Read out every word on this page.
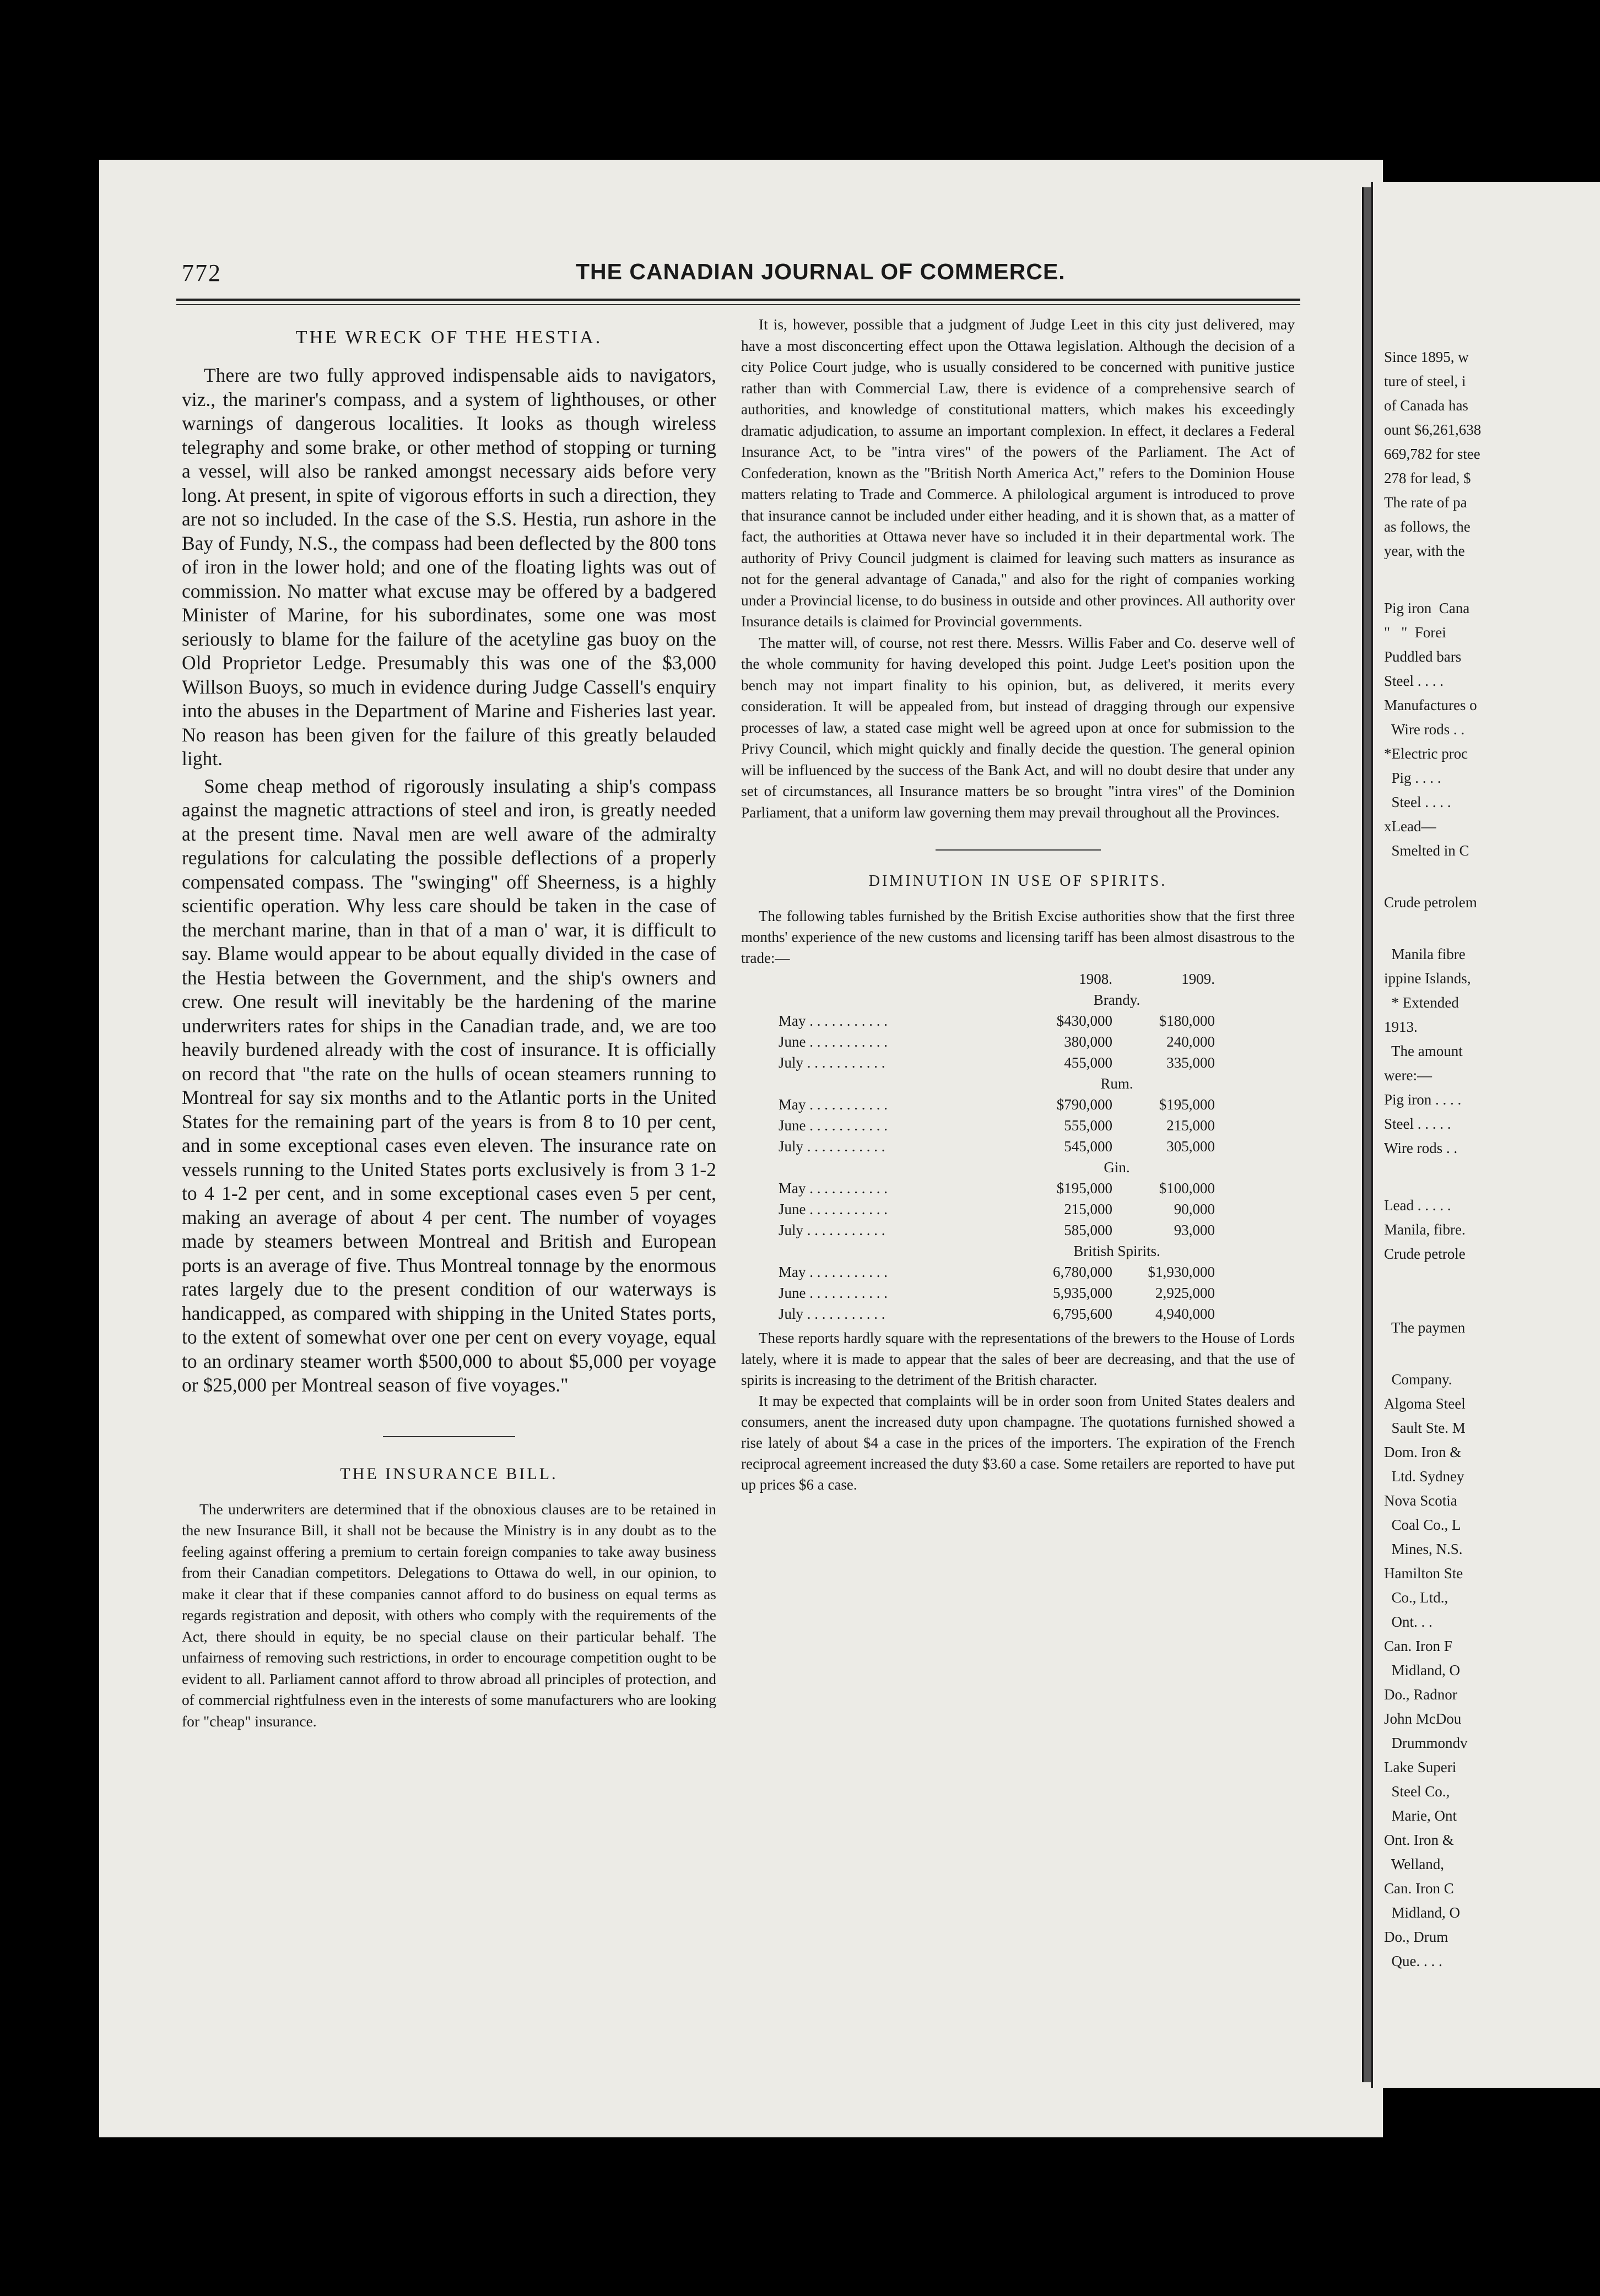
772	THE CANADIAN JOURNAL OF COMMERCE.
THE WRECK OF THE HESTIA.

There are two fully approved indispensable aids to navigators, viz., the mariner's compass, and a system of lighthouses, or other warnings of dangerous localities. It looks as though wireless telegraphy and some brake, or other method of stopping or turning a vessel, will also be ranked amongst necessary aids before very long. At present, in spite of vigorous efforts in such a direction, they are not so included. In the case of the S.S. Hestia, run ashore in the Bay of Fundy, N.S., the compass had been deflected by the 800 tons of iron in the lower hold; and one of the floating lights was out of commission. No matter what excuse may be offered by a badgered Minister of Marine, for his subordinates, some one was most seriously to blame for the failure of the acetyline gas buoy on the Old Proprietor Ledge. Presumably this was one of the $3,000 Willson Buoys, so much in evidence during Judge Cassell's enquiry into the abuses in the Department of Marine and Fisheries last year. No reason has been given for the failure of this greatly belauded light.

Some cheap method of rigorously insulating a ship's compass against the magnetic attractions of steel and iron, is greatly needed at the present time. Naval men are well aware of the admiralty regulations for calculating the possible deflections of a properly compensated compass. The "swinging" off Sheerness, is a highly scientific operation. Why less care should be taken in the case of the merchant marine, than in that of a man o' war, it is difficult to say. Blame would appear to be about equally divided in the case of the Hestia between the Government, and the ship's owners and crew. One result will inevitably be the hardening of the marine underwriters rates for ships in the Canadian trade, and, we are too heavily burdened already with the cost of insurance. It is officially on record that "the rate on the hulls of ocean steamers running to Montreal for say six months and to the Atlantic ports in the United States for the remaining part of the years is from 8 to 10 per cent, and in some exceptional cases even eleven. The insurance rate on vessels running to the United States ports exclusively is from 3 1-2 to 4 1-2 per cent, and in some exceptional cases even 5 per cent, making an average of about 4 per cent. The number of voyages made by steamers between Montreal and British and European ports is an average of five. Thus Montreal tonnage by the enormous rates largely due to the present condition of our waterways is handicapped, as compared with shipping in the United States ports, to the extent of somewhat over one per cent on every voyage, equal to an ordinary steamer worth $500,000 to about $5,000 per voyage or $25,000 per Montreal season of five voyages."

THE INSURANCE BILL.

The underwriters are determined that if the obnoxious clauses are to be retained in the new Insurance Bill, it shall not be because the Ministry is in any doubt as to the feeling against offering a premium to certain foreign companies to take away business from their Canadian competitors. Delegations to Ottawa do well, in our opinion, to make it clear that if these companies cannot afford to do business on equal terms as regards registration and deposit, with others who comply with the requirements of the Act, there should in equity, be no special clause on their particular behalf. The unfairness of removing such restrictions, in order to encourage competition ought to be evident to all. Parliament cannot afford to throw abroad all principles of protection, and of commercial rightfulness even in the interests of some manufacturers who are looking for "cheap" insurance.

It is, however, possible that a judgment of Judge Leet in this city just delivered, may have a most disconcerting effect upon the Ottawa legislation. Although the decision of a city Police Court judge, who is usually considered to be concerned with punitive justice rather than with Commercial Law, there is evidence of a comprehensive search of authorities, and knowledge of constitutional matters, which makes his exceedingly dramatic adjudication, to assume an important complexion. In effect, it declares a Federal Insurance Act, to be "intra vires" of the powers of the Parliament. The Act of Confederation, known as the "British North America Act," refers to the Dominion House matters relating to Trade and Commerce. A philological argument is introduced to prove that insurance cannot be included under either heading, and it is shown that, as a matter of fact, the authorities at Ottawa never have so included it in their departmental work. The authority of Privy Council judgment is claimed for leaving such matters as insurance as not for the general advantage of Canada," and also for the right of companies working under a Provincial license, to do business in outside and other provinces. All authority over Insurance details is claimed for Provincial governments.

The matter will, of course, not rest there. Messrs. Willis Faber and Co. deserve well of the whole community for having developed this point. Judge Leet's position upon the bench may not impart finality to his opinion, but, as delivered, it merits every consideration. It will be appealed from, but instead of dragging through our expensive processes of law, a stated case might well be agreed upon at once for submission to the Privy Council, which might quickly and finally decide the question. The general opinion will be influenced by the success of the Bank Act, and will no doubt desire that under any set of circumstances, all Insurance matters be so brought "intra vires" of the Dominion Parliament, that a uniform law governing them may prevail throughout all the Provinces.

DIMINUTION IN USE OF SPIRITS.

The following tables furnished by the British Excise authorities show that the first three months' experience of the new customs and licensing tariff has been almost disastrous to the trade:—

	1908.	1909.
	Brandy.	
May . . . . . . . . . . .	$430,000	$180,000
June . . . . . . . . . . .	380,000	240,000
July . . . . . . . . . . .	455,000	335,000
	Rum.	
May . . . . . . . . . . .	$790,000	$195,000
June . . . . . . . . . . .	555,000	215,000
July . . . . . . . . . . .	545,000	305,000
	Gin.	
May . . . . . . . . . . .	$195,000	$100,000
June . . . . . . . . . . .	215,000	90,000
July . . . . . . . . . . .	585,000	93,000
	British Spirits.	
May . . . . . . . . . . .	6,780,000	$1,930,000
June . . . . . . . . . . .	5,935,000	2,925,000
July . . . . . . . . . . .	6,795,600	4,940,000

These reports hardly square with the representations of the brewers to the House of Lords lately, where it is made to appear that the sales of beer are decreasing, and that the use of spirits is increasing to the detriment of the British character.

It may be expected that complaints will be in order soon from United States dealers and consumers, anent the increased duty upon champagne. The quotations furnished showed a rise lately of about $4 a case in the prices of the importers. The expiration of the French reciprocal agreement increased the duty $3.60 a case. Some retailers are reported to have put up prices $6 a case.

Since 1895, w
ture of steel, i
of Canada has
ount $6,261,638
669,782 for stee
278 for lead, $
The rate of pa
as follows, the
year, with the
Pig iron  Cana
"   "  Forei
Puddled bars
Steel . . . .
Manufactures o
Wire rods . .
*Electric proc
Pig . . . .
Steel . . . .
xLead—
Smelted in C
Crude petrolem
Manila fibre
ippine Islands,
* Extended
1913.
The amount
were:—
Pig iron . . . .
Steel . . . . .
Wire rods . .
Lead . . . . .
Manila, fibre.
Crude petrole
The paymen
Company.
Algoma Steel
Sault Ste. M
Dom. Iron &
Ltd. Sydney
Nova Scotia
Coal Co., L
Mines, N.S.
Hamilton Ste
Co., Ltd.,
Ont. . .
Can. Iron F
Midland, O
Do., Radnor
John McDou
Drummondv
Lake Superi
Steel Co.,
Marie, Ont
Ont. Iron &
Welland,
Can. Iron C
Midland, O
Do., Drum
Que. . . .
